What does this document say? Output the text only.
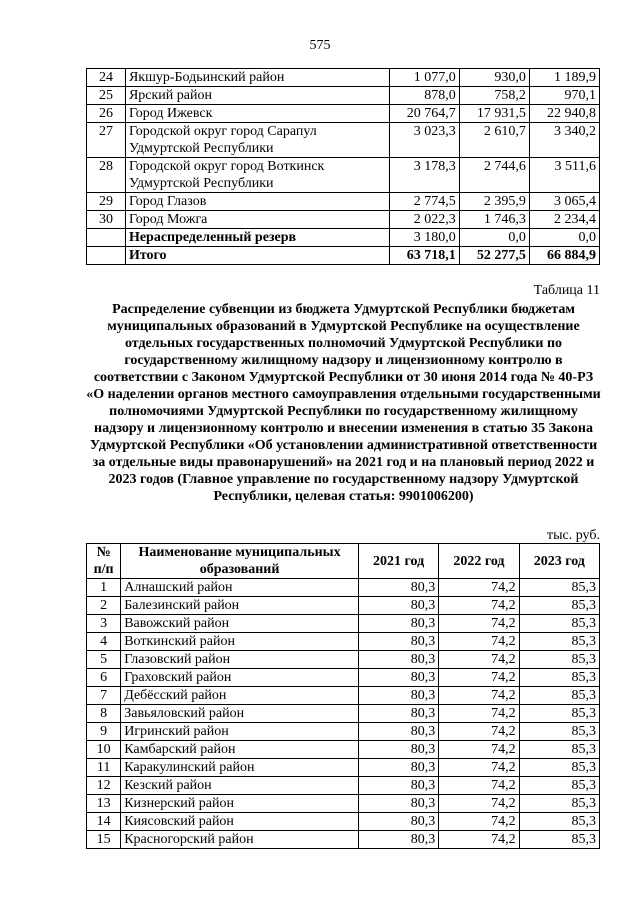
575
24	Якшур-Бодьинский район	1 077,0	930,0	1 189,9
25	Ярский район	878,0	758,2	970,1
26	Город Ижевск	20 764,7	17 931,5	22 940,8
27	Городской округ город Сарапул Удмуртской Республики	3 023,3	2 610,7	3 340,2
28	Городской округ город Воткинск Удмуртской Республики	3 178,3	2 744,6	3 511,6
29	Город Глазов	2 774,5	2 395,9	3 065,4
30	Город Можга	2 022,3	1 746,3	2 234,4
	Нераспределенный резерв	3 180,0	0,0	0,0
	Итого	63 718,1	52 277,5	66 884,9
Таблица 11
Распределение субвенции из бюджета Удмуртской Республики бюджетам муниципальных образований в Удмуртской Республике на осуществление отдельных государственных полномочий Удмуртской Республики по государственному жилищному надзору и лицензионному контролю в соответствии с Законом Удмуртской Республики от 30 июня 2014 года № 40-РЗ «О наделении органов местного самоуправления отдельными государственными полномочиями Удмуртской Республики по государственному жилищному надзору и лицензионному контролю и внесении изменения в статью 35 Закона Удмуртской Республики «Об установлении административной ответственности за отдельные виды правонарушений» на 2021 год и на плановый период 2022 и 2023 годов (Главное управление по государственному надзору Удмуртской Республики, целевая статья: 9901006200)
тыс. руб.
№ п/п	Наименование муниципальных образований	2021 год	2022 год	2023 год
1	Алнашский район	80,3	74,2	85,3
2	Балезинский район	80,3	74,2	85,3
3	Вавожский район	80,3	74,2	85,3
4	Воткинский район	80,3	74,2	85,3
5	Глазовский район	80,3	74,2	85,3
6	Граховский район	80,3	74,2	85,3
7	Дебёсский район	80,3	74,2	85,3
8	Завьяловский район	80,3	74,2	85,3
9	Игринский район	80,3	74,2	85,3
10	Камбарский район	80,3	74,2	85,3
11	Каракулинский район	80,3	74,2	85,3
12	Кезский район	80,3	74,2	85,3
13	Кизнерский район	80,3	74,2	85,3
14	Киясовский район	80,3	74,2	85,3
15	Красногорский район	80,3	74,2	85,3
